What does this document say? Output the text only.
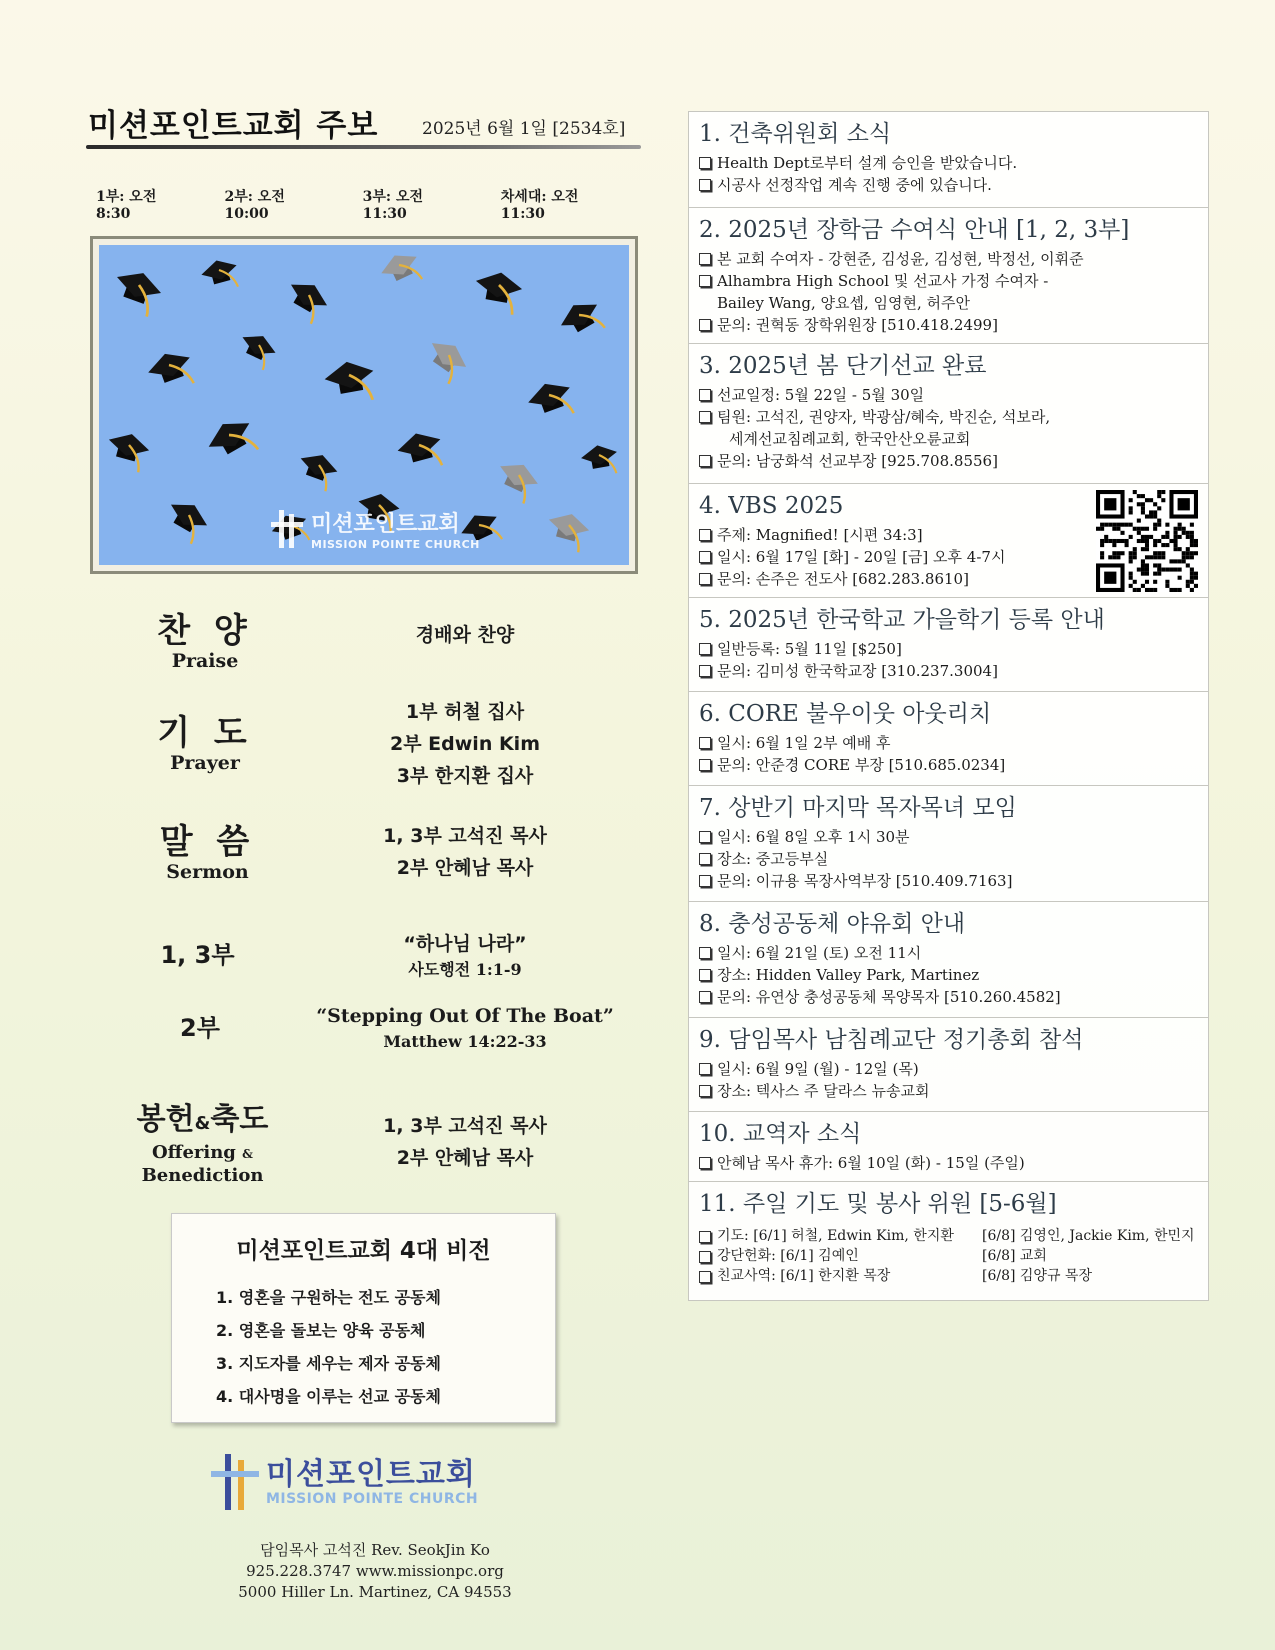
미션포인트교회 주보	2025년 6월 1일 [2534호]
1부: 오전 8:30
2부: 오전 10:00
3부: 오전 11:30
차세대: 오전 11:30
미션포인트교회
MISSION POINTE CHURCH
찬 양
Praise
경배와 찬양
기 도
Prayer
1부 허철 집사
2부 Edwin Kim
3부 한지환 집사
말 씀
Sermon
1, 3부 고석진 목사
2부 안혜남 목사
1, 3부	“하나님 나라”
사도행전 1:1-9
2부	“Stepping Out Of The Boat”
Matthew 14:22-33
봉헌&축도
Offering &
Benediction
1, 3부 고석진 목사
2부 안혜남 목사
미션포인트교회 4대 비전
1. 영혼을 구원하는 전도 공동체
2. 영혼을 돌보는 양육 공동체
3. 지도자를 세우는 제자 공동체
4. 대사명을 이루는 선교 공동체
미션포인트교회
MISSION POINTE CHURCH
담임목사 고석진 Rev. SeokJin Ko
925.228.3747 www.missionpc.org
5000 Hiller Ln. Martinez, CA 94553
1. 건축위원회 소식
Health Dept로부터 설계 승인을 받았습니다.
시공사 선정작업 계속 진행 중에 있습니다.
2. 2025년 장학금 수여식 안내 [1, 2, 3부]
본 교회 수여자 - 강현준, 김성윤, 김성현, 박정선, 이휘준
Alhambra High School 및 선교사 가정 수여자 -
Bailey Wang, 양요셉, 임영현, 허주안
문의: 권혁동 장학위원장 [510.418.2499]
3. 2025년 봄 단기선교 완료
선교일정: 5월 22일 - 5월 30일
팀원: 고석진, 권양자, 박광삼/혜숙, 박진순, 석보라,
세계선교침례교회, 한국안산오륜교회
문의: 남궁화석 선교부장 [925.708.8556]
4. VBS 2025
주제: Magnified! [시편 34:3]
일시: 6월 17일 [화] - 20일 [금] 오후 4-7시
문의: 손주은 전도사 [682.283.8610]
5. 2025년 한국학교 가을학기 등록 안내
일반등록: 5월 11일 [$250]
문의: 김미성 한국학교장 [310.237.3004]
6. CORE 불우이웃 아웃리치
일시: 6월 1일 2부 예배 후
문의: 안준경 CORE 부장 [510.685.0234]
7. 상반기 마지막 목자목녀 모임
일시: 6월 8일 오후 1시 30분
장소: 중고등부실
문의: 이규용 목장사역부장 [510.409.7163]
8. 충성공동체 야유회 안내
일시: 6월 21일 (토) 오전 11시
장소: Hidden Valley Park, Martinez
문의: 유연상 충성공동체 목양목자 [510.260.4582]
9. 담임목사 남침례교단 정기총회 참석
일시: 6월 9일 (월) - 12일 (목)
장소: 텍사스 주 달라스 뉴송교회
10. 교역자 소식
안혜남 목사 휴가: 6월 10일 (화) - 15일 (주일)
11. 주일 기도 및 봉사 위원 [5-6월]
기도: [6/1] 허철, Edwin Kim, 한지환 [6/8] 김영인, Jackie Kim, 한민지
강단헌화: [6/1] 김예인	[6/8] 교회
친교사역: [6/1] 한지환 목장	[6/8] 김양규 목장
